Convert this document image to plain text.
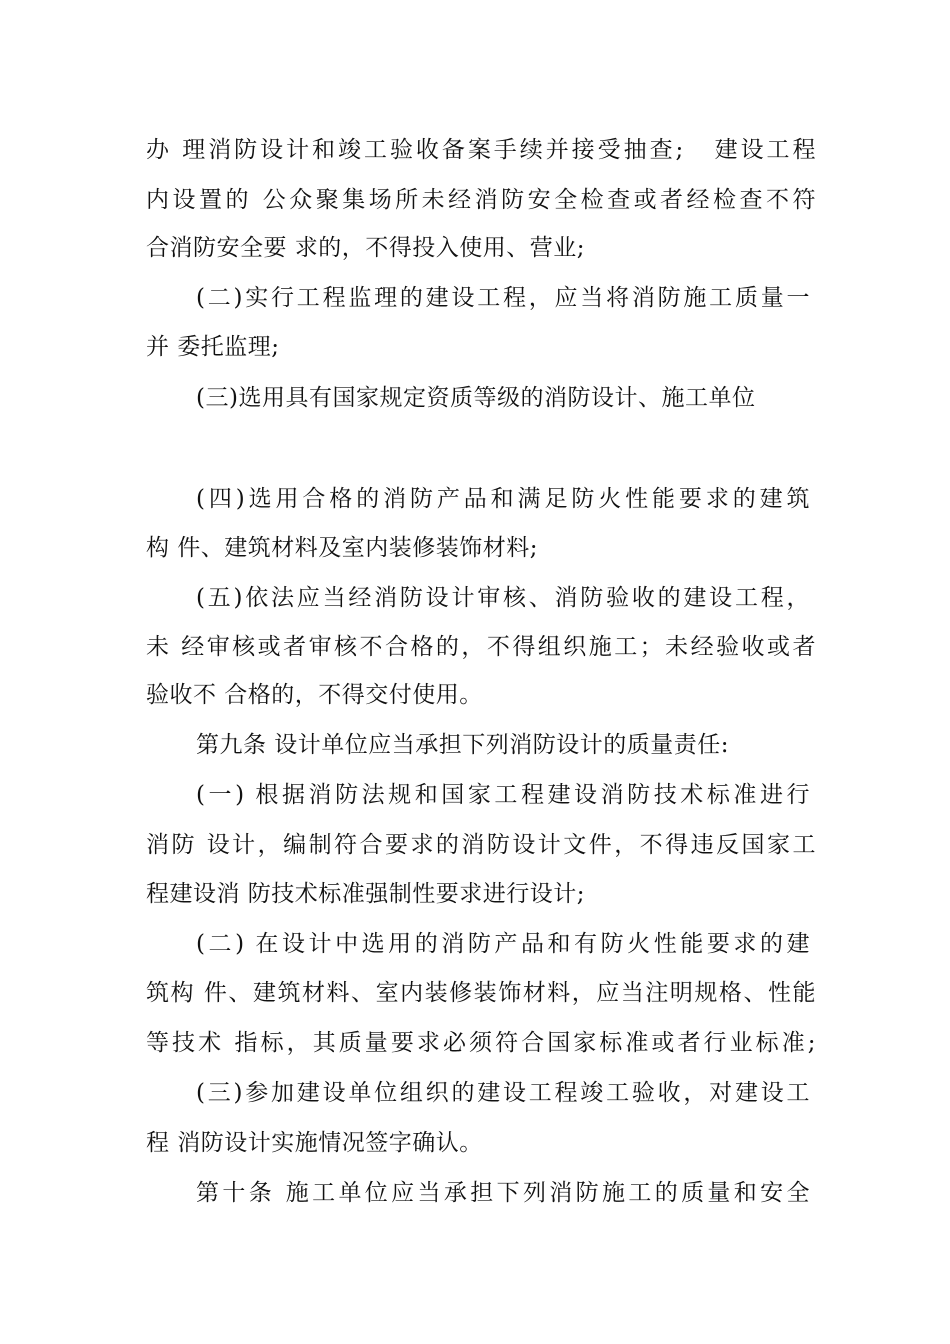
办 理消防设计和竣工验收备案手续并接受抽查;   建设工程
内设置的 公众聚集场所未经消防安全检查或者经检查不符
合消防安全要 求的，不得投入使用、营业;
(二)实行工程监理的建设工程，应当将消防施工质量一
并 委托监理;
(三)选用具有国家规定资质等级的消防设计、施工单位
(四)选用合格的消防产品和满足防火性能要求的建筑
构 件、建筑材料及室内装修装饰材料;
(五)依法应当经消防设计审核、消防验收的建设工程，
未 经审核或者审核不合格的，不得组织施工；未经验收或者
验收不 合格的，不得交付使用。
第九条 设计单位应当承担下列消防设计的质量责任:
(一) 根据消防法规和国家工程建设消防技术标准进行
消防 设计，编制符合要求的消防设计文件，不得违反国家工
程建设消 防技术标准强制性要求进行设计;
(二) 在设计中选用的消防产品和有防火性能要求的建
筑构 件、建筑材料、室内装修装饰材料，应当注明规格、性能
等技术 指标，其质量要求必须符合国家标准或者行业标准;
(三)参加建设单位组织的建设工程竣工验收，对建设工
程 消防设计实施情况签字确认。
第十条 施工单位应当承担下列消防施工的质量和安全
